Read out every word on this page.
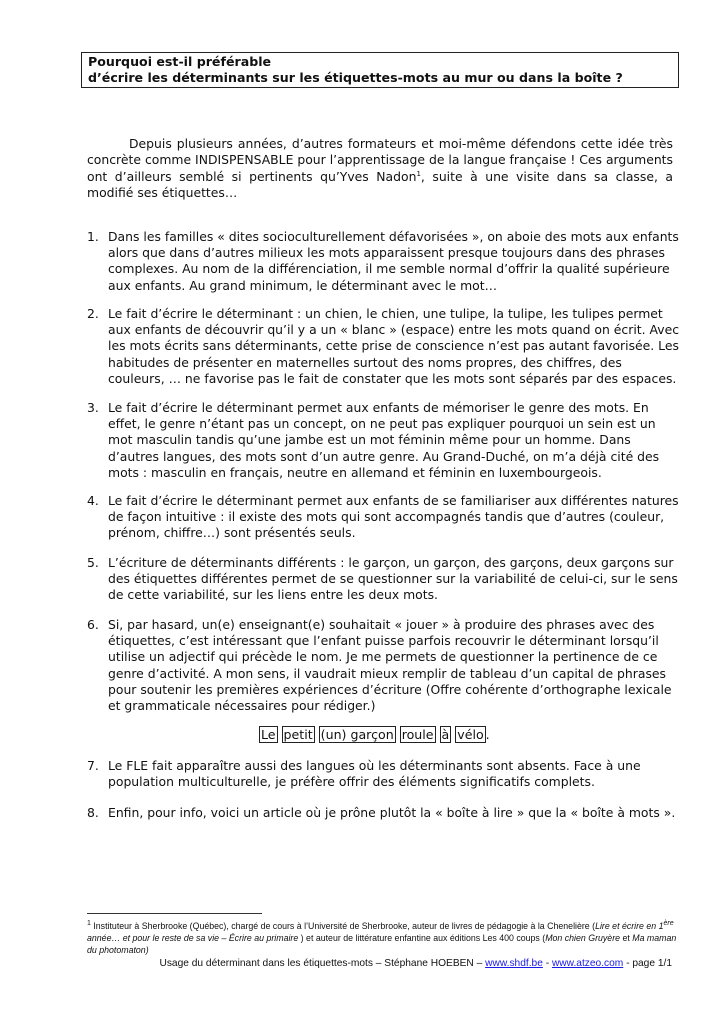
Pourquoi est-il préférable
d’écrire les déterminants sur les étiquettes-mots au mur ou dans la boîte ?
Depuis plusieurs années, d’autres formateurs et moi-même défendons cette idée très concrète comme INDISPENSABLE pour l’apprentissage de la langue française ! Ces arguments ont d’ailleurs semblé si pertinents qu’Yves Nadon$^1$, suite à une visite dans sa classe, a modifié ses étiquettes…
1. Dans les familles « dites socioculturellement défavorisées », on aboie des mots aux enfants alors que dans d’autres milieux les mots apparaissent presque toujours dans des phrases complexes. Au nom de la différenciation, il me semble normal d’offrir la qualité supérieure aux enfants. Au grand minimum, le déterminant avec le mot…
2. Le fait d’écrire le déterminant : un chien, le chien, une tulipe, la tulipe, les tulipes permet aux enfants de découvrir qu’il y a un « blanc » (espace) entre les mots quand on écrit. Avec les mots écrits sans déterminants, cette prise de conscience n’est pas autant favorisée. Les habitudes de présenter en maternelles surtout des noms propres, des chiffres, des couleurs, … ne favorise pas le fait de constater que les mots sont séparés par des espaces.
3. Le fait d’écrire le déterminant permet aux enfants de mémoriser le genre des mots. En effet, le genre n’étant pas un concept, on ne peut pas expliquer pourquoi un sein est un mot masculin tandis qu’une jambe est un mot féminin même pour un homme. Dans d’autres langues, des mots sont d’un autre genre. Au Grand-Duché, on m’a déjà cité des mots : masculin en français, neutre en allemand et féminin en luxembourgeois.
4. Le fait d’écrire le déterminant permet aux enfants de se familiariser aux différentes natures de façon intuitive : il existe des mots qui sont accompagnés tandis que d’autres (couleur, prénom, chiffre…) sont présentés seuls.
5. L’écriture de déterminants différents : le garçon, un garçon, des garçons, deux garçons sur des étiquettes différentes permet de se questionner sur la variabilité de celui-ci, sur le sens de cette variabilité, sur les liens entre les deux mots.
6. Si, par hasard, un(e) enseignant(e) souhaitait « jouer » à produire des phrases avec des étiquettes, c’est intéressant que l’enfant puisse parfois recouvrir le déterminant lorsqu’il utilise un adjectif qui précède le nom. Je me permets de questionner la pertinence de ce genre d’activité. A mon sens, il vaudrait mieux remplir de tableau d’un capital de phrases pour soutenir les premières expériences d’écriture (Offre cohérente d’orthographe lexicale et grammaticale nécessaires pour rédiger.)
Le petit (un) garçon roule à vélo .
7. Le FLE fait apparaître aussi des langues où les déterminants sont absents. Face à une population multiculturelle, je préfère offrir des éléments significatifs complets.
8. Enfin, pour info, voici un article où je prône plutôt la « boîte à lire » que la « boîte à mots ».
$^1$ Instituteur à Sherbrooke (Québec), chargé de cours à l’Université de Sherbrooke, auteur de livres de pédagogie à la Chenelière (Lire et écrire en 1ère année… et pour le reste de sa vie – Écrire au primaire ) et auteur de littérature enfantine aux éditions Les 400 coups (Mon chien Gruyère et Ma maman du photomaton)
Usage du déterminant dans les étiquettes-mots – Stéphane HOEBEN – www.shdf.be - www.atzeo.com - page 1/1
